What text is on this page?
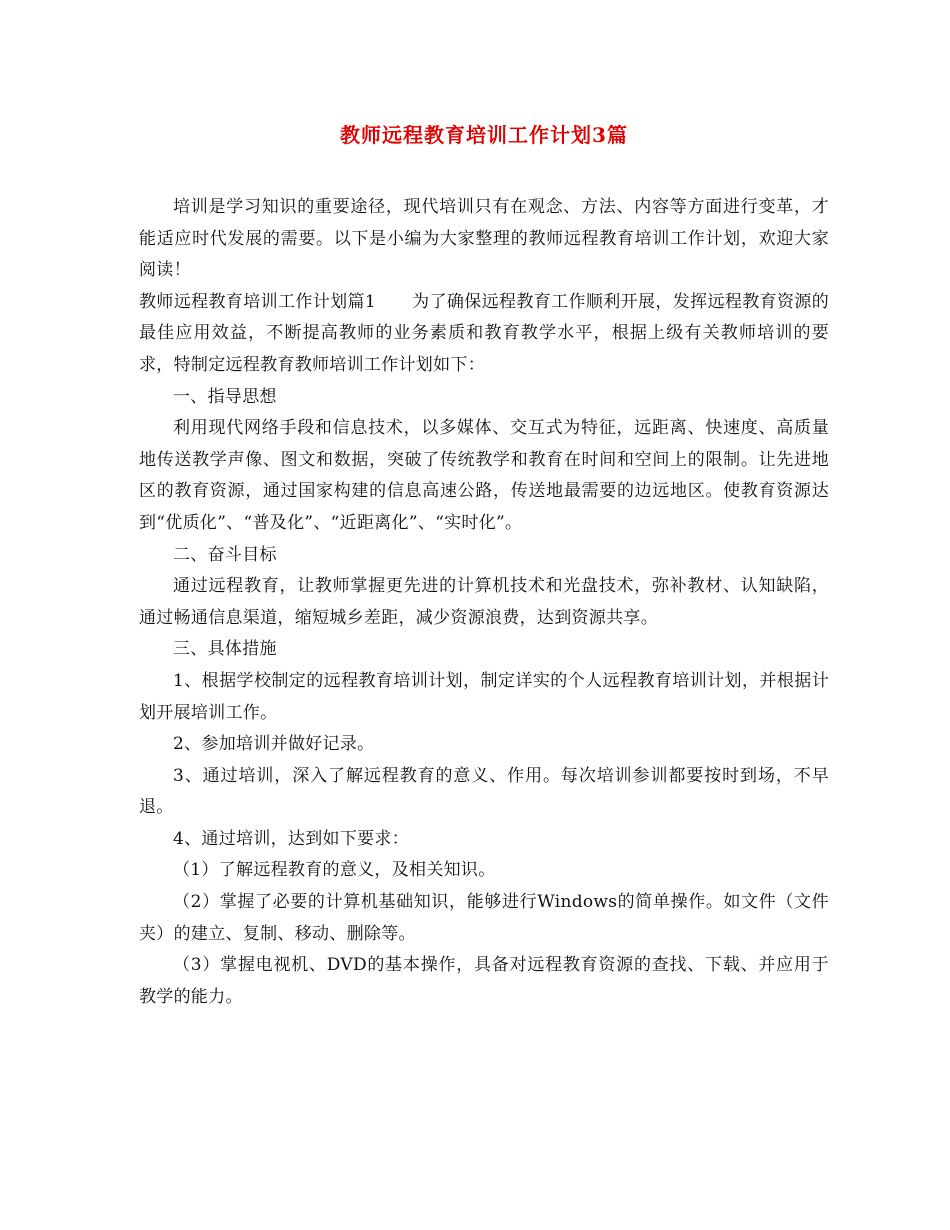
教师远程教育培训工作计划3篇

培训是学习知识的重要途径，现代培训只有在观念、方法、内容等方面进行变革，才能适应时代发展的需要。以下是小编为大家整理的教师远程教育培训工作计划，欢迎大家阅读！

教师远程教育培训工作计划篇1 为了确保远程教育工作顺利开展，发挥远程教育资源的最佳应用效益，不断提高教师的业务素质和教育教学水平，根据上级有关教师培训的要求，特制定远程教育教师培训工作计划如下：

一、指导思想

利用现代网络手段和信息技术，以多媒体、交互式为特征，远距离、快速度、高质量地传送教学声像、图文和数据，突破了传统教学和教育在时间和空间上的限制。让先进地区的教育资源，通过国家构建的信息高速公路，传送地最需要的边远地区。使教育资源达到“优质化”、“普及化”、“近距离化”、“实时化”。

二、奋斗目标

通过远程教育，让教师掌握更先进的计算机技术和光盘技术，弥补教材、认知缺陷，通过畅通信息渠道，缩短城乡差距，减少资源浪费，达到资源共享。

三、具体措施

1、根据学校制定的远程教育培训计划，制定详实的个人远程教育培训计划，并根据计划开展培训工作。

2、参加培训并做好记录。

3、通过培训，深入了解远程教育的意义、作用。每次培训参训都要按时到场，不早退。

4、通过培训，达到如下要求：

（1）了解远程教育的意义，及相关知识。

（2）掌握了必要的计算机基础知识，能够进行Windows的简单操作。如文件（文件夹）的建立、复制、移动、删除等。

（3）掌握电视机、DVD的基本操作，具备对远程教育资源的查找、下载、并应用于教学的能力。
